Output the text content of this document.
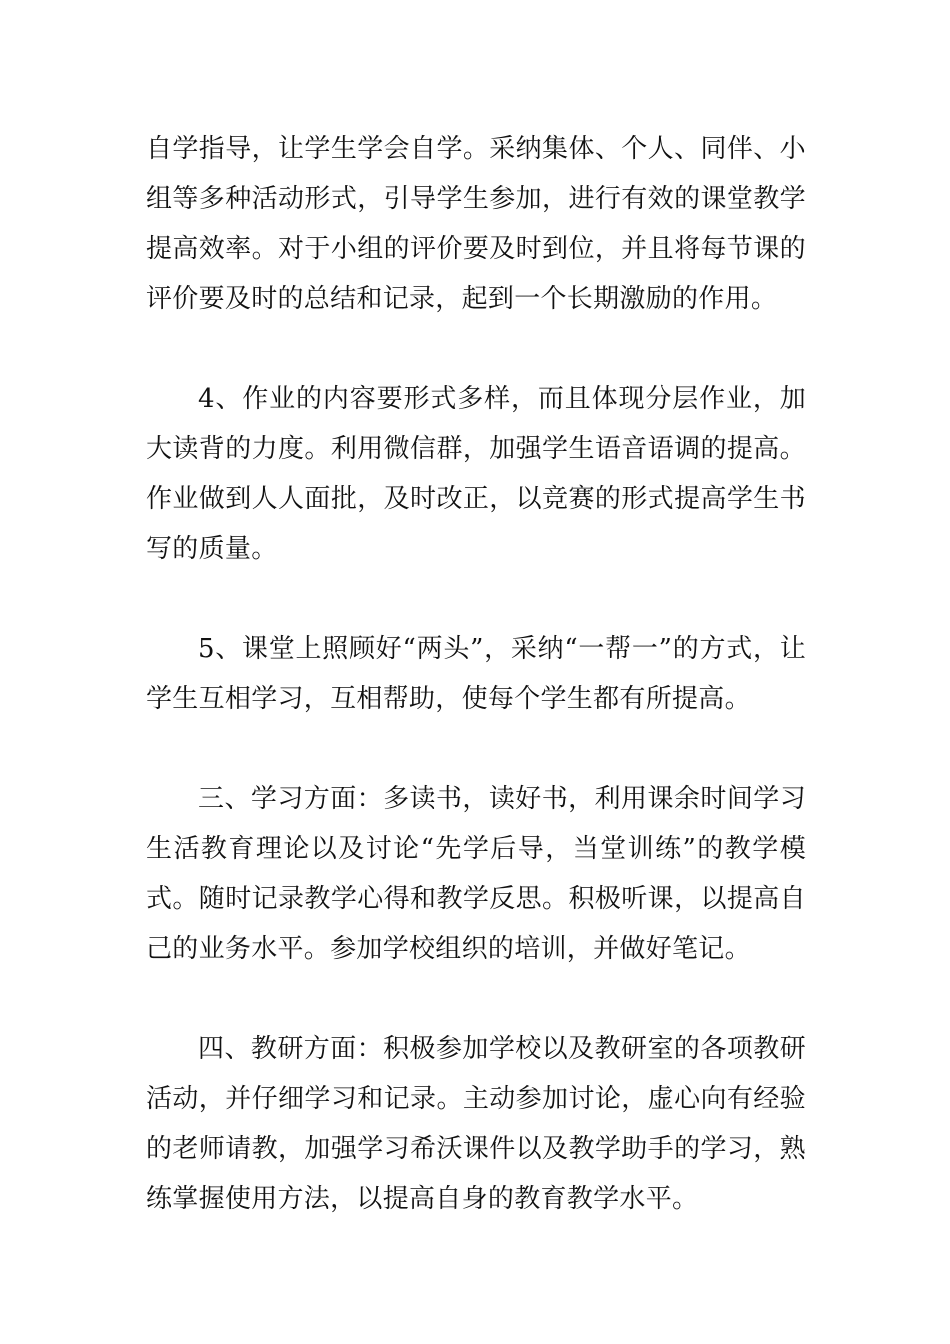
自学指导，让学生学会自学。采纳集体、个人、同伴、小组等多种活动形式，引导学生参加，进行有效的课堂教学提高效率。对于小组的评价要及时到位，并且将每节课的评价要及时的总结和记录，起到一个长期激励的作用。

4、作业的内容要形式多样，而且体现分层作业，加大读背的力度。利用微信群，加强学生语音语调的提高。作业做到人人面批，及时改正，以竞赛的形式提高学生书写的质量。

5、课堂上照顾好“两头”，采纳“一帮一”的方式，让学生互相学习，互相帮助，使每个学生都有所提高。

三、学习方面：多读书，读好书，利用课余时间学习生活教育理论以及讨论“先学后导，当堂训练”的教学模式。随时记录教学心得和教学反思。积极听课，以提高自己的业务水平。参加学校组织的培训，并做好笔记。

四、教研方面：积极参加学校以及教研室的各项教研活动，并仔细学习和记录。主动参加讨论，虚心向有经验的老师请教，加强学习希沃课件以及教学助手的学习，熟练掌握使用方法，以提高自身的教育教学水平。
